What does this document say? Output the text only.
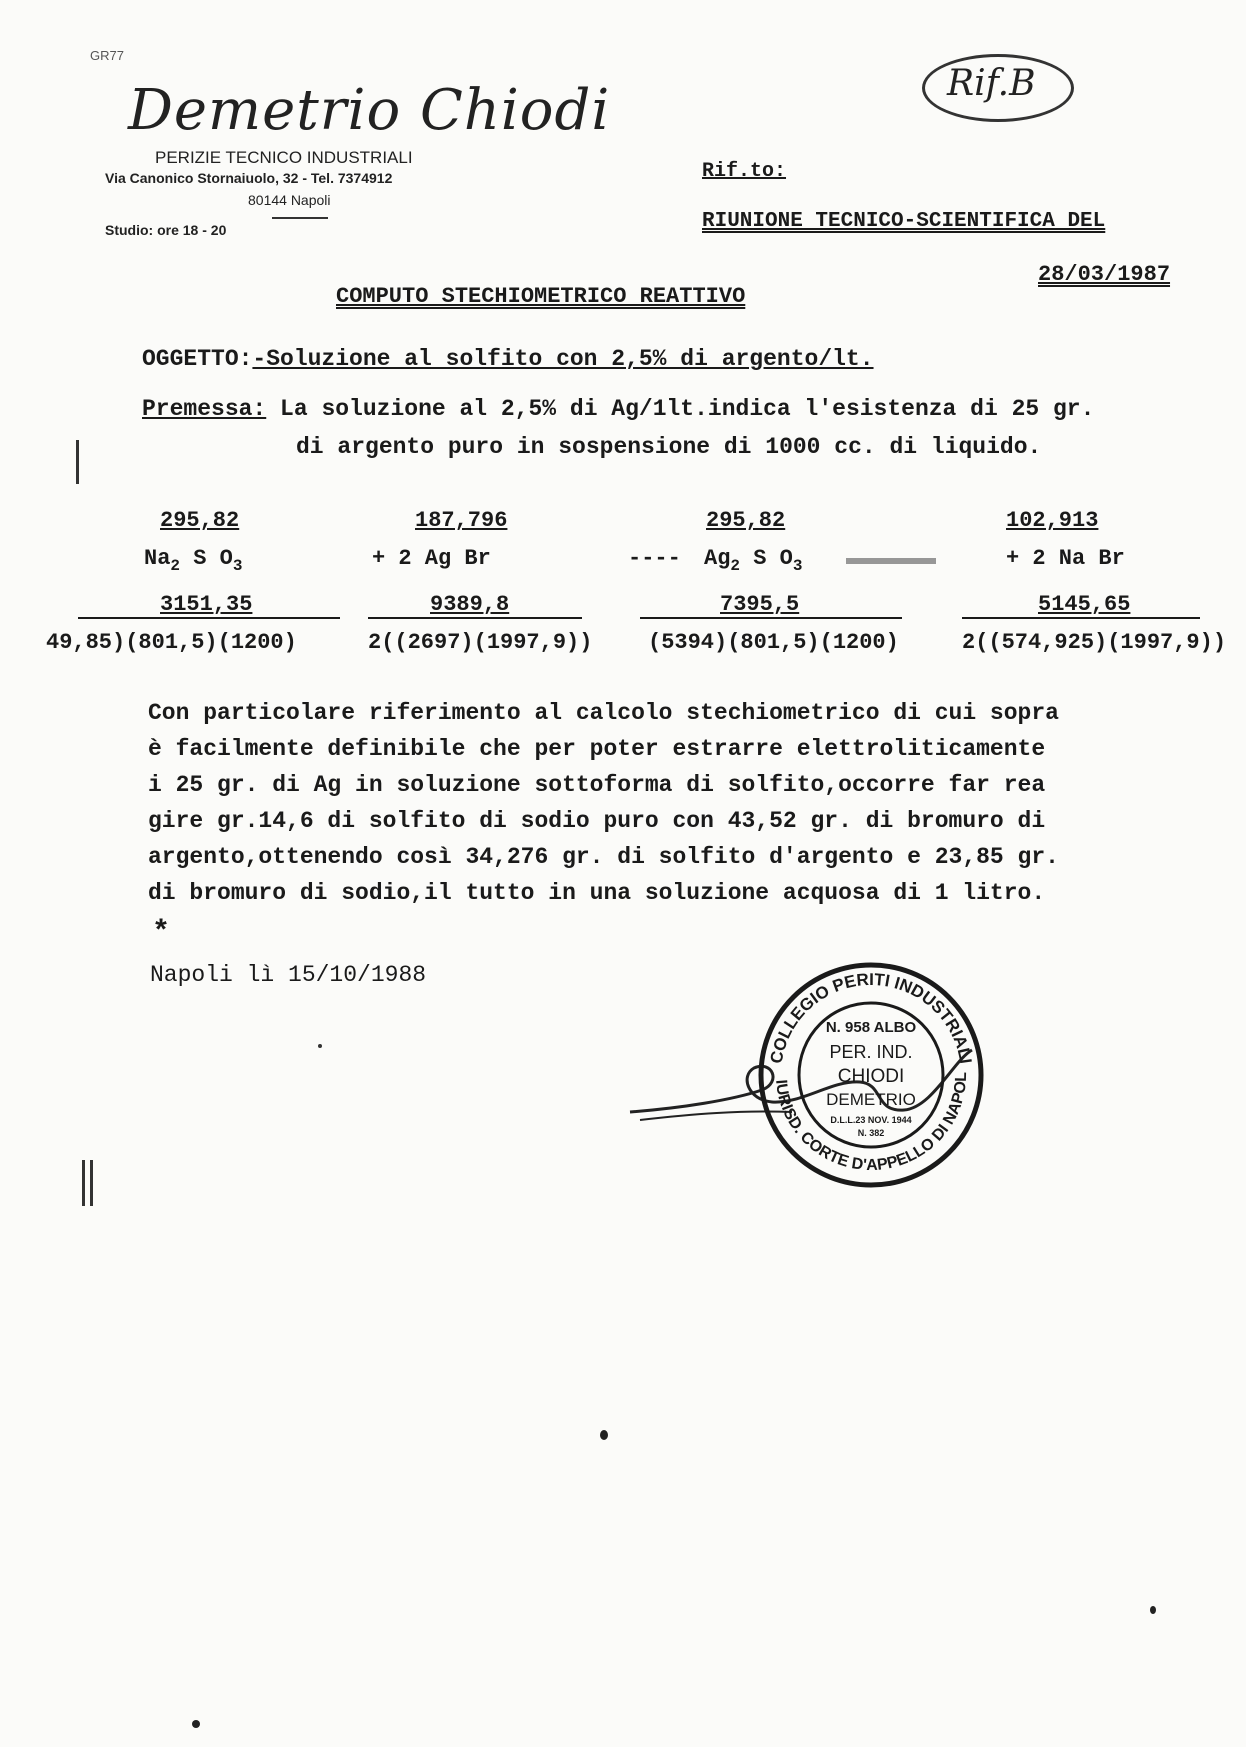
GR77
Demetrio Chiodi
PERIZIE TECNICO INDUSTRIALI
Via Canonico Stornaiuolo, 32 - Tel. 7374912
80144 Napoli
Studio: ore 18 - 20
Rif.B
Rif.to:
RIUNIONE TECNICO-SCIENTIFICA DEL
28/03/1987
COMPUTO STECHIOMETRICO REATTIVO
OGGETTO:-Soluzione al solfito con 2,5% di argento/lt.
Premessa: La soluzione al 2,5% di Ag/1lt.indica l'esistenza di 25 gr.
di argento puro in sospensione di 1000 cc. di liquido.
295,82	187,796	295,82	102,913
$Na_2$ S $O_3$	+ 2 Ag Br	---- $Ag_2$ S $O_3$	+ 2 Na Br
3151,35	9389,8	7395,5	5145,65
49,85)(801,5)(1200)	2((2697)(1997,9))	(5394)(801,5)(1200)	2((574,925)(1997,9))
Con particolare riferimento al calcolo stechiometrico di cui sopra
è facilmente definibile che per poter estrarre elettroliticamente
i 25 gr. di Ag in soluzione sottoforma di solfito,occorre far rea
gire gr.14,6 di solfito di sodio puro con 43,52 gr. di bromuro di
argento,ottenendo così 34,276 gr. di solfito d'argento e 23,85 gr.
di bromuro di sodio,il tutto in una soluzione acquosa di 1 litro.
*
Napoli lì 15/10/1988
COLLEGIO PERITI INDUSTRIALI
IURISD. CORTE D'APPELLO DI NAPOL
N. 958 ALBO
PER. IND.
CHIODI
DEMETRIO
D.L.L.23 NOV. 1944
N. 382
